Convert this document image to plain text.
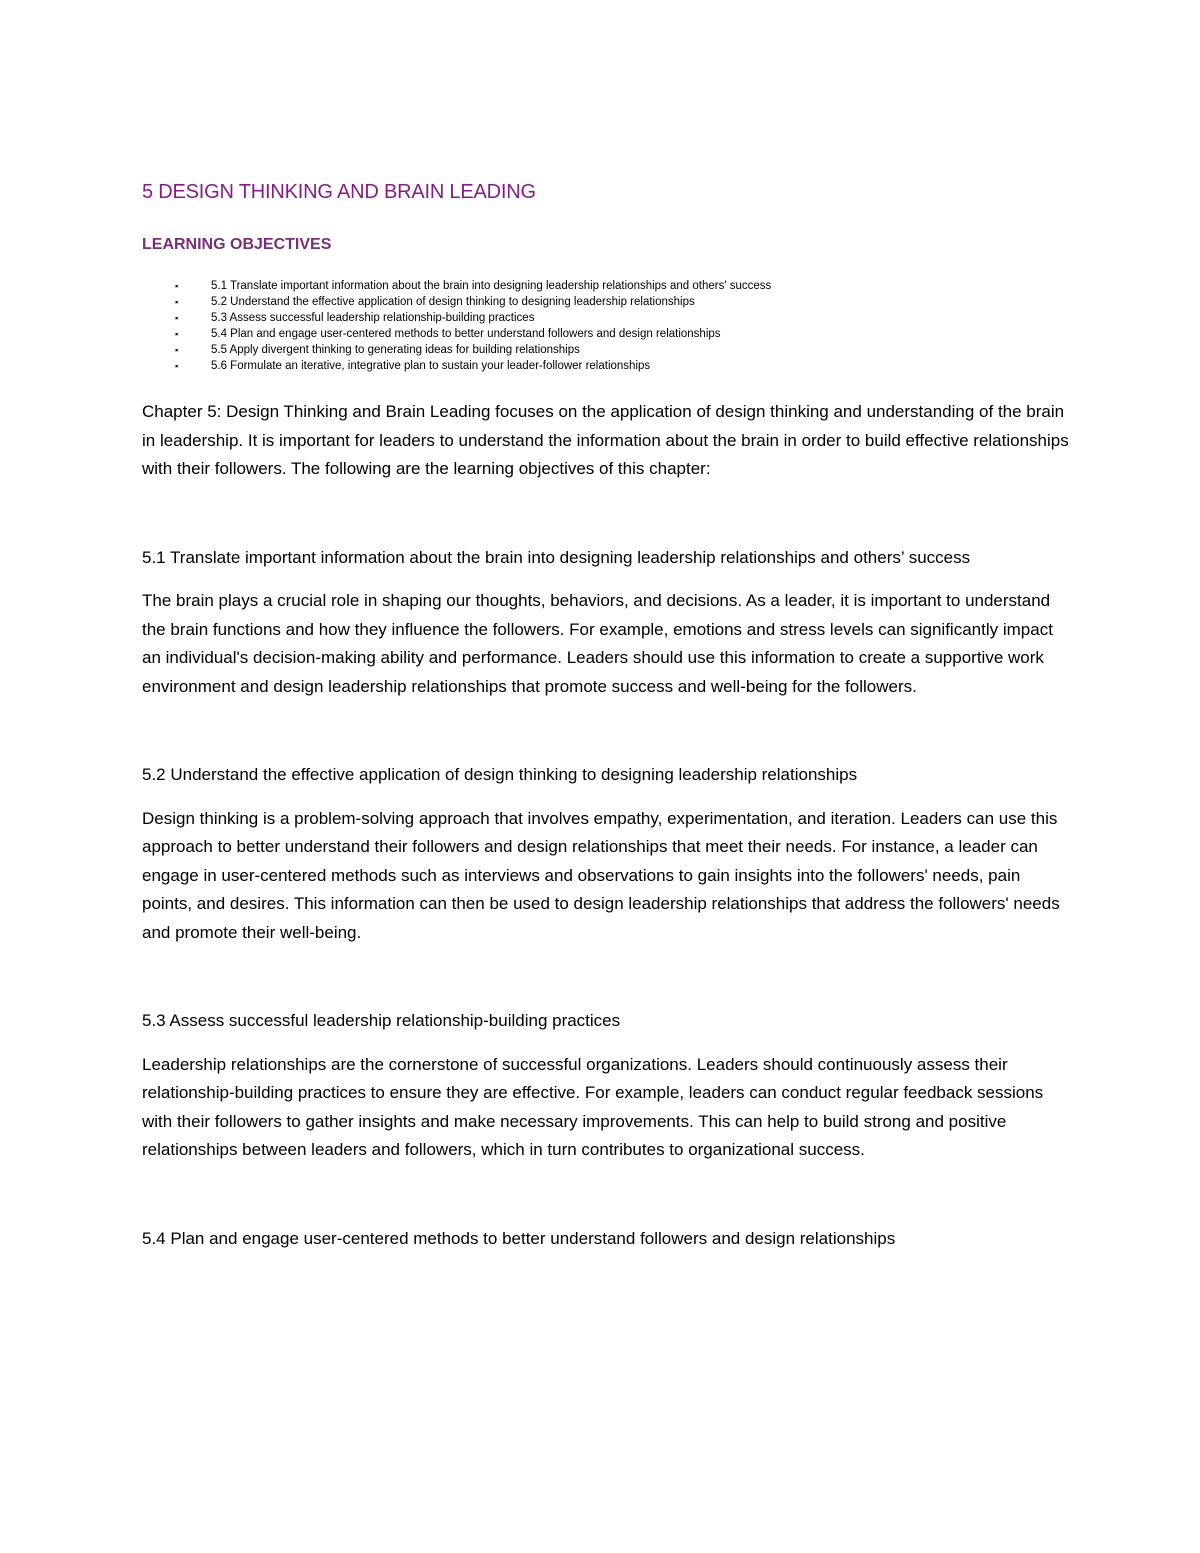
5 DESIGN THINKING AND BRAIN LEADING
LEARNING OBJECTIVES
▪	5.1 Translate important information about the brain into designing leadership relationships and others' success
▪	5.2 Understand the effective application of design thinking to designing leadership relationships
▪	5.3 Assess successful leadership relationship-building practices
▪	5.4 Plan and engage user-centered methods to better understand followers and design relationships
▪	5.5 Apply divergent thinking to generating ideas for building relationships
▪	5.6 Formulate an iterative, integrative plan to sustain your leader-follower relationships

Chapter 5: Design Thinking and Brain Leading focuses on the application of design thinking and understanding of the brain in leadership. It is important for leaders to understand the information about the brain in order to build effective relationships with their followers. The following are the learning objectives of this chapter:

5.1 Translate important information about the brain into designing leadership relationships and others’ success

The brain plays a crucial role in shaping our thoughts, behaviors, and decisions. As a leader, it is important to understand the brain functions and how they influence the followers. For example, emotions and stress levels can significantly impact an individual's decision-making ability and performance. Leaders should use this information to create a supportive work environment and design leadership relationships that promote success and well-being for the followers.

5.2 Understand the effective application of design thinking to designing leadership relationships

Design thinking is a problem-solving approach that involves empathy, experimentation, and iteration. Leaders can use this approach to better understand their followers and design relationships that meet their needs. For instance, a leader can engage in user-centered methods such as interviews and observations to gain insights into the followers' needs, pain points, and desires. This information can then be used to design leadership relationships that address the followers' needs and promote their well-being.

5.3 Assess successful leadership relationship-building practices

Leadership relationships are the cornerstone of successful organizations. Leaders should continuously assess their relationship-building practices to ensure they are effective. For example, leaders can conduct regular feedback sessions with their followers to gather insights and make necessary improvements. This can help to build strong and positive relationships between leaders and followers, which in turn contributes to organizational success.

5.4 Plan and engage user-centered methods to better understand followers and design relationships
